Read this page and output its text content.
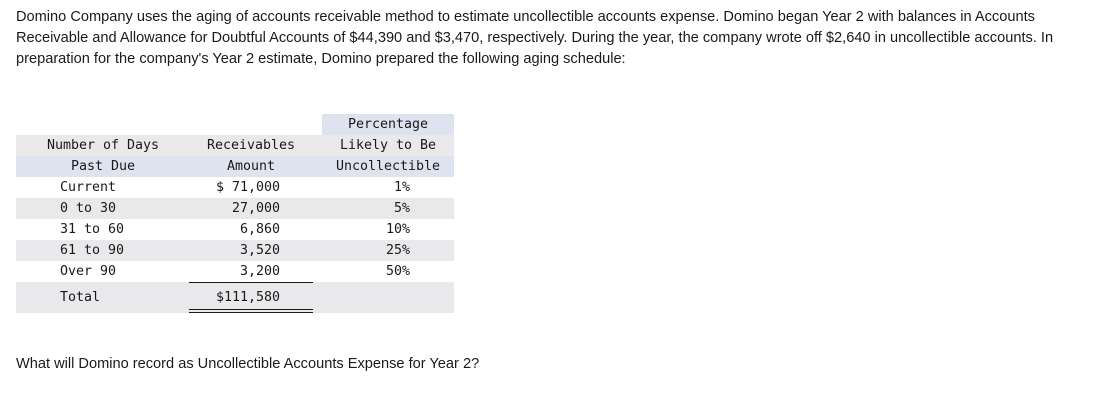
Domino Company uses the aging of accounts receivable method to estimate uncollectible accounts expense. Domino began Year 2 with balances in Accounts Receivable and Allowance for Doubtful Accounts of $44,390 and $3,470, respectively. During the year, the company wrote off $2,640 in uncollectible accounts. In preparation for the company's Year 2 estimate, Domino prepared the following aging schedule:

Percentage
Number of Days	Receivables	Likely to Be
Past Due	Amount	Uncollectible
Current	$ 71,000	1%
0 to 30	27,000	5%
31 to 60	6,860	10%
61 to 90	3,520	25%
Over 90	3,200	50%
Total	$111,580

What will Domino record as Uncollectible Accounts Expense for Year 2?
